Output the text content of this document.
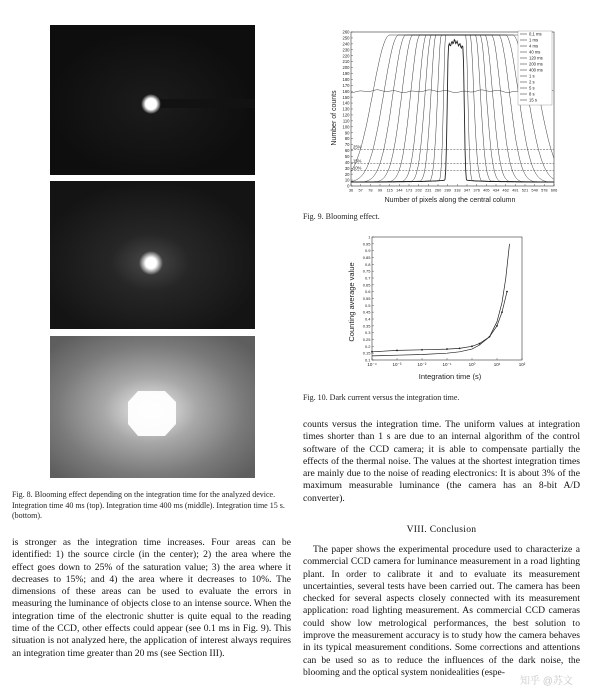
Fig. 8. Blooming effect depending on the integration time for the analyzed device. Integration time 40 ms (top). Integration time 400 ms (middle). Integration time 15 s. (bottom).
25%
15%
10%
0
10
20
30
40
50
60
70
80
90
100
110
120
130
140
150
160
170
180
190
200
210
220
230
240
250
260
36 57 78 99 115 144 173 202 231 260 289 318 347 376 405 434 462 491 521 549 578 606
0,1 ms
1 ms
4 ms
40 ms
120 ms
200 ms
400 ms
1 s
2 s
5 s
8 s
15 s
Number of pixels along the central column
Number of counts
Fig. 9. Blooming effect.
0.1
0.15
0.2
0.25
0.3
0.35
0.4
0.45
0.5
0.55
0.6
0.65
0.7
0.75
0.8
0.85
0.9
0.95
1
10⁻⁴	10⁻³	10⁻²	10⁻¹	10⁰	10¹	10²
Integration time (s)
Counting average value
Fig. 10. Dark current versus the integration time.
counts versus the integration time. The uniform values at integration times shorter than 1 s are due to an internal algorithm of the control software of the CCD camera; it is able to compensate partially the effects of the thermal noise. The values at the shortest integration times are mainly due to the noise of reading electronics: It is about 3% of the maximum measurable luminance (the camera has an 8-bit A/D converter).
VIII. Conclusion
The paper shows the experimental procedure used to characterize a commercial CCD camera for luminance measurement in a road lighting plant. In order to calibrate it and to evaluate its measurement uncertainties, several tests have been carried out. The camera has been checked for several aspects closely connected with its measurement application: road lighting measurement. As commercial CCD cameras could show low metrological performances, the best solution to improve the measurement accuracy is to study how the camera behaves in its typical measurement conditions. Some corrections and attentions can be used so as to reduce the influences of the dark noise, the blooming and the optical system nonidealities (espe-
is stronger as the integration time increases. Four areas can be identified: 1) the source circle (in the center); 2) the area where the effect goes down to 25% of the saturation value; 3) the area where it decreases to 15%; and 4) the area where it decreases to 10%. The dimensions of these areas can be used to evaluate the errors in measuring the luminance of objects close to an intense source. When the integration time of the electronic shutter is quite equal to the reading time of the CCD, other effects could appear (see 0.1 ms in Fig. 9). This situation is not analyzed here, the application of interest always requires an integration time greater than 20 ms (see Section III).
知乎 @苏文
